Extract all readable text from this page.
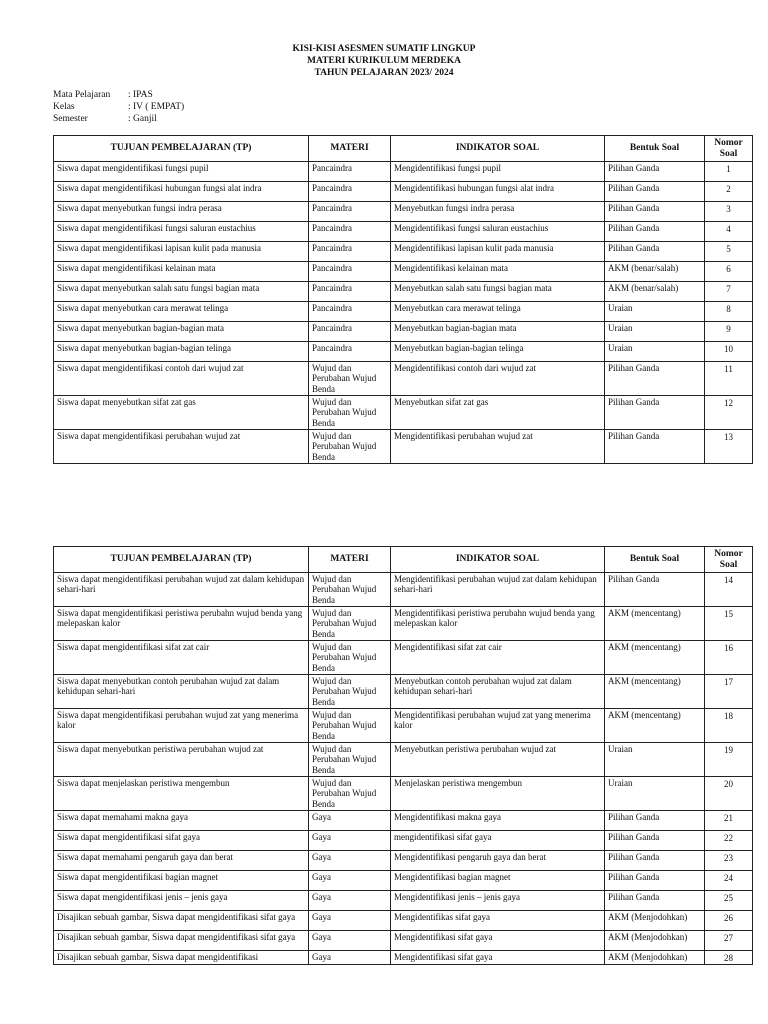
KISI-KISI ASESMEN SUMATIF LINGKUP
MATERI KURIKULUM MERDEKA
TAHUN PELAJARAN 2023/ 2024
Mata Pelajaran	: IPAS
Kelas	: IV ( EMPAT)
Semester	: Ganjil
TUJUAN PEMBELAJARAN (TP)	MATERI	INDIKATOR SOAL	Bentuk Soal	Nomor
Soal

Siswa dapat mengidentifikasi fungsi pupil	Pancaindra	Mengidentifikasi fungsi pupil	Pilihan Ganda	1
Siswa dapat mengidentifikasi hubungan fungsi alat indra	Pancaindra	Mengidentifikasi hubungan fungsi alat indra	Pilihan Ganda	2
Siswa dapat menyebutkan fungsi indra perasa	Pancaindra	Menyebutkan fungsi indra perasa	Pilihan Ganda	3
Siswa dapat mengidentifikasi fungsi saluran eustachius	Pancaindra	Mengidentifikasi fungsi saluran eustachius	Pilihan Ganda	4
Siswa dapat mengidentifikasi lapisan kulit pada manusia	Pancaindra	Mengidentifikasi lapisan kulit pada manusia	Pilihan Ganda	5
Siswa dapat mengidentifikasi kelainan mata	Pancaindra	Mengidentifikasi kelainan mata	AKM (benar/salah)	6
Siswa dapat menyebutkan salah satu fungsi bagian mata	Pancaindra	Menyebutkan salah satu fungsi bagian mata	AKM (benar/salah)	7
Siswa dapat menyebutkan cara merawat telinga	Pancaindra	Menyebutkan cara merawat telinga	Uraian	8
Siswa dapat menyebutkan bagian-bagian mata	Pancaindra	Menyebutkan bagian-bagian mata	Uraian	9
Siswa dapat menyebutkan bagian-bagian telinga	Pancaindra	Menyebutkan bagian-bagian telinga	Uraian	10
Siswa dapat mengidentifikasi contoh dari wujud zat	Wujud dan Perubahan Wujud Benda	Mengidentifikasi contoh dari wujud zat	Pilihan Ganda	11
Siswa dapat menyebutkan sifat zat gas	Wujud dan Perubahan Wujud Benda	Menyebutkan sifat zat gas	Pilihan Ganda	12
Siswa dapat mengidentifikasi perubahan wujud zat	Wujud dan Perubahan Wujud Benda	Mengidentifikasi perubahan wujud zat	Pilihan Ganda	13
TUJUAN PEMBELAJARAN (TP)	MATERI	INDIKATOR SOAL	Bentuk Soal	Nomor
Soal

Siswa dapat mengidentifikasi perubahan wujud zat dalam kehidupan sehari-hari	Wujud dan Perubahan Wujud Benda	Mengidentifikasi perubahan wujud zat dalam kehidupan sehari-hari	Pilihan Ganda	14
Siswa dapat mengidentifikasi peristiwa perubahn wujud benda yang melepaskan kalor	Wujud dan Perubahan Wujud Benda	Mengidentifikasi peristiwa perubahn wujud benda yang melepaskan kalor	AKM (mencentang)	15
Siswa dapat mengidentifikasi sifat zat cair	Wujud dan Perubahan Wujud Benda	Mengidentifikasi sifat zat cair	AKM (mencentang)	16
Siswa dapat menyebutkan contoh perubahan wujud zat dalam kehidupan sehari-hari	Wujud dan Perubahan Wujud Benda	Menyebutkan contoh perubahan wujud zat dalam kehidupan sehari-hari	AKM (mencentang)	17
Siswa dapat mengidentifikasi perubahan wujud zat yang menerima kalor	Wujud dan Perubahan Wujud Benda	Mengidentifikasi perubahan wujud zat yang menerima kalor	AKM (mencentang)	18
Siswa dapat menyebutkan peristiwa perubahan wujud zat	Wujud dan Perubahan Wujud Benda	Menyebutkan peristiwa perubahan wujud zat	Uraian	19
Siswa dapat menjelaskan peristiwa mengembun	Wujud dan Perubahan Wujud Benda	Menjelaskan peristiwa mengembun	Uraian	20
Siswa dapat memahami makna gaya	Gaya	Mengidentifikasi makna gaya	Pilihan Ganda	21
Siswa dapat mengidentifikasi sifat gaya	Gaya	mengidentifikasi sifat gaya	Pilihan Ganda	22
Siswa dapat memahami pengaruh gaya dan berat	Gaya	Mengidentifikasi pengaruh gaya dan berat	Pilihan Ganda	23
Siswa dapat mengidentifikasi bagian magnet	Gaya	Mengidentifikasi bagian magnet	Pilihan Ganda	24
Siswa dapat mengidentifikasi jenis – jenis gaya	Gaya	Mengidentifikasi jenis – jenis gaya	Pilihan Ganda	25
Disajikan sebuah gambar, Siswa dapat mengidentifikasi sifat gaya	Gaya	Mengidentifikas sifat gaya	AKM (Menjodohkan)	26
Disajikan sebuah gambar, Siswa dapat mengidentifikasi sifat gaya	Gaya	Mengidentifikasi sifat gaya	AKM (Menjodohkan)	27
Disajikan sebuah gambar, Siswa dapat mengidentifikasi	Gaya	Mengidentifikasi sifat gaya	AKM (Menjodohkan)	28
